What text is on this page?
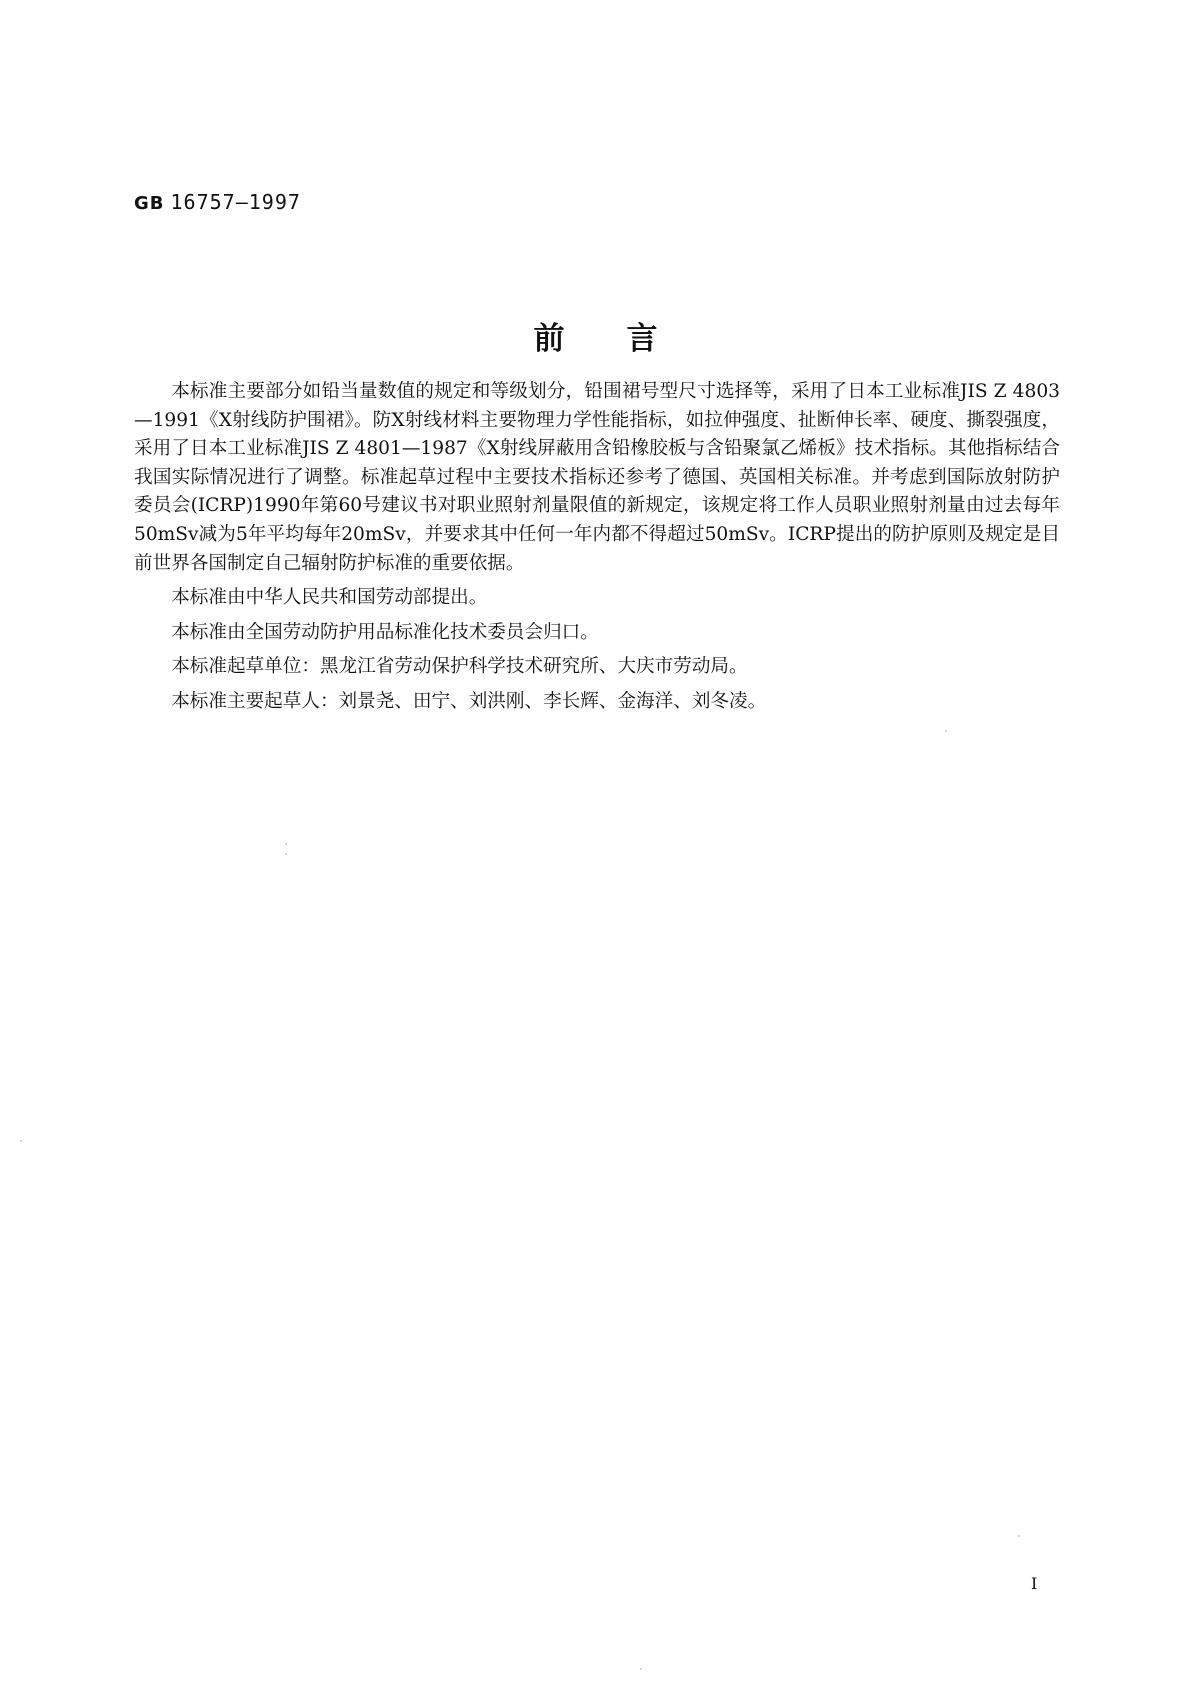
GB 16757—1997
前言

本标准主要部分如铅当量数值的规定和等级划分，铅围裙号型尺寸选择等，采用了日本工业标准JIS Z 4803—1991《X射线防护围裙》。防X射线材料主要物理力学性能指标，如拉伸强度、扯断伸长率、硬度、撕裂强度，采用了日本工业标准JIS Z 4801—1987《X射线屏蔽用含铅橡胶板与含铅聚氯乙烯板》技术指标。其他指标结合我国实际情况进行了调整。标准起草过程中主要技术指标还参考了德国、英国相关标准。并考虑到国际放射防护委员会(ICRP)1990年第60号建议书对职业照射剂量限值的新规定，该规定将工作人员职业照射剂量由过去每年50mSv减为5年平均每年20mSv，并要求其中任何一年内都不得超过50mSv。ICRP提出的防护原则及规定是目前世界各国制定自己辐射防护标准的重要依据。

本标准由中华人民共和国劳动部提出。

本标准由全国劳动防护用品标准化技术委员会归口。

本标准起草单位：黑龙江省劳动保护科学技术研究所、大庆市劳动局。

本标准主要起草人：刘景尧、田宁、刘洪刚、李长辉、金海洋、刘冬凌。

I
